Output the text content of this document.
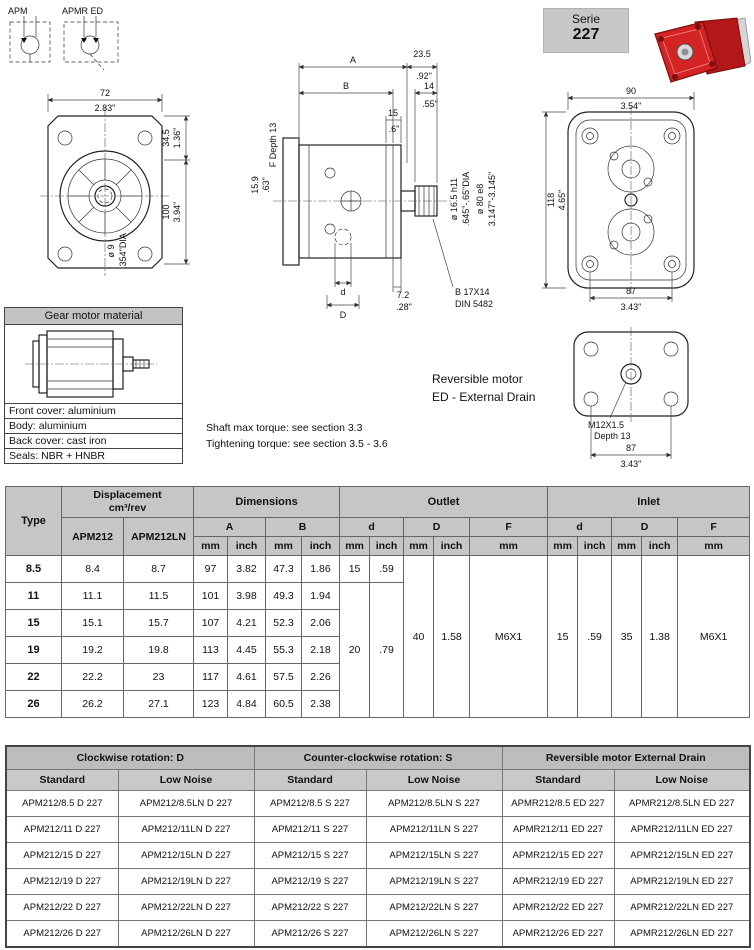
APM	APMR ED
72
2.83"
34.5 1.36"
100 3.94"
ø 9 .354"DIA
A
23.5
.92"
B	14
.55"
15
.6"
F Depth 13
15.9 .63"	ø 16.5 h11 .645"-.65"DIA ø 80 e8 3.147"-3.145"
7.2
.28"
d
D
B 17X14
DIN 5482
90
3.54"
118 4.65"
87
3.43"
M12X1.5
Depth 13
87
3.43"
Serie
227
Gear motor material
Front cover: aluminium
Body: aluminium
Back cover: cast iron
Seals: NBR + HNBR
Shaft max torque: see section 3.3
Tightening torque: see section 3.5 - 3.6
Reversible motor
ED - External Drain
Type	Displacement
cm³/rev		Dimensions				Outlet					Inlet				
	APM212	APM212LN	A		B		d		D		F	d		D		F
			mm	inch	mm	inch	mm	inch	mm	inch	mm	mm	inch	mm	inch	mm
8.5	8.4	8.7	97	3.82	47.3	1.86	15	.59	40	1.58	M6X1	15	.59	35	1.38	M6X1
11	11.1	11.5	101	3.98	49.3	1.94	20	.79								
15	15.1	15.7	107	4.21	52.3	2.06										
19	19.2	19.8	113	4.45	55.3	2.18										
22	22.2	23	117	4.61	57.5	2.26										
26	26.2	27.1	123	4.84	60.5	2.38										
Clockwise rotation: D		Counter-clockwise rotation: S		Reversible motor External Drain	
Standard	Low Noise	Standard	Low Noise	Standard	Low Noise
APM212/8.5 D 227	APM212/8.5LN D 227	APM212/8.5 S 227	APM212/8.5LN S 227	APMR212/8.5 ED 227	APMR212/8.5LN ED 227
APM212/11 D 227	APM212/11LN D 227	APM212/11 S 227	APM212/11LN S 227	APMR212/11 ED 227	APMR212/11LN ED 227
APM212/15 D 227	APM212/15LN D 227	APM212/15 S 227	APM212/15LN S 227	APMR212/15 ED 227	APMR212/15LN ED 227
APM212/19 D 227	APM212/19LN D 227	APM212/19 S 227	APM212/19LN S 227	APMR212/19 ED 227	APMR212/19LN ED 227
APM212/22 D 227	APM212/22LN D 227	APM212/22 S 227	APM212/22LN S 227	APMR212/22 ED 227	APMR212/22LN ED 227
APM212/26 D 227	APM212/26LN D 227	APM212/26 S 227	APM212/26LN S 227	APMR212/26 ED 227	APMR212/26LN ED 227
